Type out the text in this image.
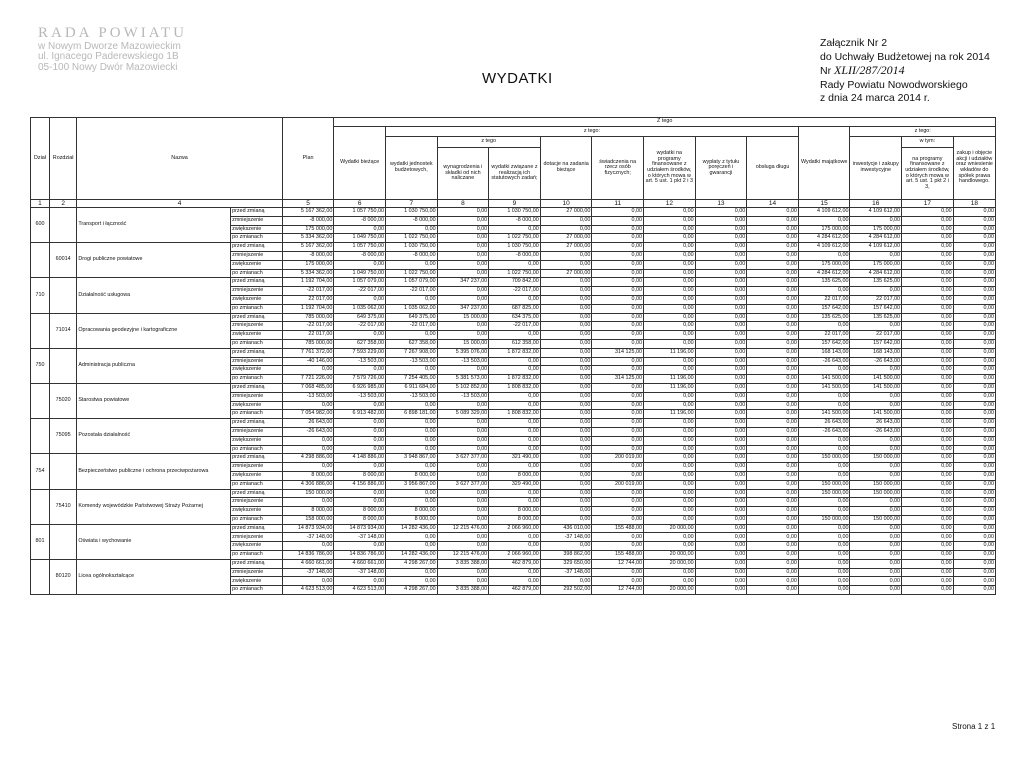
RADA POWIATU
w Nowym Dworze Mazowieckim
ul. Ignacego Paderewskiego 1B
05-100 Nowy Dwór Mazowiecki
WYDATKI
Załącznik Nr 2
do Uchwały Budżetowej na rok 2014
Nr XLII/287/2014
Rady Powiatu Nowodworskiego
z dnia 24 marca 2014 r.
Dział	Rozdział	Nazwa		Plan	Z tego												
					Wydatki bieżące	z tego:								Wydatki majątkowe	z tego:		
						wydatki jednostek budżetowych,	z tego		dotacje na zadania bieżące	świadczenia na rzecz osób fizycznych;	wydatki na programy finansowane z udziałem środków, o których mowa w art. 5 ust. 1 pkt 2 i 3	wypłaty z tytułu poręczeń i gwarancji	obsługa długu		inwestycje i zakupy inwestycyjne	w tym:	zakup i objęcie akcji i udziałów oraz wniesienie wkładów do spółek prawa handlowego.
							wynagrodzenia i składki od nich naliczane	wydatki związane z realizacją ich statutowych zadań;								na programy finansowane z udziałem środków, o których mowa w art. 5 ust. 1 pkt 2 i 3,	
1	2	4		5	6	7	8	9	10	11	12	13	14	15	16	17	18
600		Transport i łączność	przed zmianą	5 167 362,00	1 057 750,00	1 030 750,00	0,00	1 030 750,00	27 000,00	0,00	0,00	0,00	0,00	4 109 612,00	4 109 612,00	0,00	0,00
			zmniejszenie	-8 000,00	-8 000,00	-8 000,00	0,00	-8 000,00	0,00	0,00	0,00	0,00	0,00	0,00	0,00	0,00	0,00
			zwiększenie	175 000,00	0,00	0,00	0,00	0,00	0,00	0,00	0,00	0,00	0,00	175 000,00	175 000,00	0,00	0,00
			po zmianach	5 334 362,00	1 049 750,00	1 022 750,00	0,00	1 022 750,00	27 000,00	0,00	0,00	0,00	0,00	4 284 612,00	4 284 612,00	0,00	0,00
	60014	Drogi publiczne powiatowe	przed zmianą	5 167 362,00	1 057 750,00	1 030 750,00	0,00	1 030 750,00	27 000,00	0,00	0,00	0,00	0,00	4 109 612,00	4 109 612,00	0,00	0,00
			zmniejszenie	-8 000,00	-8 000,00	-8 000,00	0,00	-8 000,00	0,00	0,00	0,00	0,00	0,00	0,00	0,00	0,00	0,00
			zwiększenie	175 000,00	0,00	0,00	0,00	0,00	0,00	0,00	0,00	0,00	0,00	175 000,00	175 000,00	0,00	0,00
			po zmianach	5 334 362,00	1 049 750,00	1 022 750,00	0,00	1 022 750,00	27 000,00	0,00	0,00	0,00	0,00	4 284 612,00	4 284 612,00	0,00	0,00
710		Działalność usługowa	przed zmianą	1 192 704,00	1 057 079,00	1 057 079,00	347 237,00	709 842,00	0,00	0,00	0,00	0,00	0,00	135 625,00	135 625,00	0,00	0,00
			zmniejszenie	-22 017,00	-22 017,00	-22 017,00	0,00	-22 017,00	0,00	0,00	0,00	0,00	0,00	0,00	0,00	0,00	0,00
			zwiększenie	22 017,00	0,00	0,00	0,00	0,00	0,00	0,00	0,00	0,00	0,00	22 017,00	22 017,00	0,00	0,00
			po zmianach	1 192 704,00	1 035 062,00	1 035 062,00	347 237,00	687 825,00	0,00	0,00	0,00	0,00	0,00	157 642,00	157 642,00	0,00	0,00
	71014	Opracowania geodezyjne i kartograficzne	przed zmianą	785 000,00	649 375,00	649 375,00	15 000,00	634 375,00	0,00	0,00	0,00	0,00	0,00	135 625,00	135 625,00	0,00	0,00
			zmniejszenie	-22 017,00	-22 017,00	-22 017,00	0,00	-22 017,00	0,00	0,00	0,00	0,00	0,00	0,00	0,00	0,00	0,00
			zwiększenie	22 017,00	0,00	0,00	0,00	0,00	0,00	0,00	0,00	0,00	0,00	22 017,00	22 017,00	0,00	0,00
			po zmianach	785 000,00	627 358,00	627 358,00	15 000,00	612 358,00	0,00	0,00	0,00	0,00	0,00	157 642,00	157 642,00	0,00	0,00
750		Administracja publiczna	przed zmianą	7 761 372,00	7 593 229,00	7 267 908,00	5 395 076,00	1 872 832,00	0,00	314 125,00	11 196,00	0,00	0,00	168 143,00	168 143,00	0,00	0,00
			zmniejszenie	-40 146,00	-13 503,00	-13 503,00	-13 503,00	0,00	0,00	0,00	0,00	0,00	0,00	-26 643,00	-26 643,00	0,00	0,00
			zwiększenie	0,00	0,00	0,00	0,00	0,00	0,00	0,00	0,00	0,00	0,00	0,00	0,00	0,00	0,00
			po zmianach	7 721 226,00	7 579 726,00	7 254 405,00	5 381 573,00	1 872 832,00	0,00	314 125,00	11 196,00	0,00	0,00	141 500,00	141 500,00	0,00	0,00
	75020	Starostwa powiatowe	przed zmianą	7 068 485,00	6 926 985,00	6 911 684,00	5 102 852,00	1 808 832,00	0,00	0,00	11 196,00	0,00	0,00	141 500,00	141 500,00	0,00	0,00
			zmniejszenie	-13 503,00	-13 503,00	-13 503,00	-13 503,00	0,00	0,00	0,00	0,00	0,00	0,00	0,00	0,00	0,00	0,00
			zwiększenie	0,00	0,00	0,00	0,00	0,00	0,00	0,00	0,00	0,00	0,00	0,00	0,00	0,00	0,00
			po zmianach	7 054 982,00	6 913 482,00	6 898 181,00	5 089 329,00	1 808 832,00	0,00	0,00	11 196,00	0,00	0,00	141 500,00	141 500,00	0,00	0,00
	75095	Pozostała działalność	przed zmianą	26 643,00	0,00	0,00	0,00	0,00	0,00	0,00	0,00	0,00	0,00	26 643,00	26 643,00	0,00	0,00
			zmniejszenie	-26 643,00	0,00	0,00	0,00	0,00	0,00	0,00	0,00	0,00	0,00	-26 643,00	-26 643,00	0,00	0,00
			zwiększenie	0,00	0,00	0,00	0,00	0,00	0,00	0,00	0,00	0,00	0,00	0,00	0,00	0,00	0,00
			po zmianach	0,00	0,00	0,00	0,00	0,00	0,00	0,00	0,00	0,00	0,00	0,00	0,00	0,00	0,00
754		Bezpieczeństwo publiczne i ochrona przeciwpożarowa	przed zmianą	4 298 886,00	4 148 886,00	3 948 867,00	3 627 377,00	321 490,00	0,00	200 019,00	0,00	0,00	0,00	150 000,00	150 000,00	0,00	0,00
			zmniejszenie	0,00	0,00	0,00	0,00	0,00	0,00	0,00	0,00	0,00	0,00	0,00	0,00	0,00	0,00
			zwiększenie	8 000,00	8 000,00	8 000,00	0,00	8 000,00	0,00	0,00	0,00	0,00	0,00	0,00	0,00	0,00	0,00
			po zmianach	4 306 886,00	4 156 886,00	3 956 867,00	3 627 377,00	329 490,00	0,00	200 019,00	0,00	0,00	0,00	150 000,00	150 000,00	0,00	0,00
	75410	Komendy wojewódzkie Państwowej Straży Pożarnej	przed zmianą	150 000,00	0,00	0,00	0,00	0,00	0,00	0,00	0,00	0,00	0,00	150 000,00	150 000,00	0,00	0,00
			zmniejszenie	0,00	0,00	0,00	0,00	0,00	0,00	0,00	0,00	0,00	0,00	0,00	0,00	0,00	0,00
			zwiększenie	8 000,00	8 000,00	8 000,00	0,00	8 000,00	0,00	0,00	0,00	0,00	0,00	0,00	0,00	0,00	0,00
			po zmianach	158 000,00	8 000,00	8 000,00	0,00	8 000,00	0,00	0,00	0,00	0,00	0,00	150 000,00	150 000,00	0,00	0,00
801		Oświata i wychowanie	przed zmianą	14 873 934,00	14 873 934,00	14 282 436,00	12 215 476,00	2 066 960,00	436 010,00	155 488,00	20 000,00	0,00	0,00	0,00	0,00	0,00	0,00
			zmniejszenie	-37 148,00	-37 148,00	0,00	0,00	0,00	-37 148,00	0,00	0,00	0,00	0,00	0,00	0,00	0,00	0,00
			zwiększenie	0,00	0,00	0,00	0,00	0,00	0,00	0,00	0,00	0,00	0,00	0,00	0,00	0,00	0,00
			po zmianach	14 836 786,00	14 836 786,00	14 282 436,00	12 215 476,00	2 066 960,00	398 862,00	155 488,00	20 000,00	0,00	0,00	0,00	0,00	0,00	0,00
	80120	Licea ogólnokształcące	przed zmianą	4 660 661,00	4 660 661,00	4 298 267,00	3 835 388,00	462 879,00	329 650,00	12 744,00	20 000,00	0,00	0,00	0,00	0,00	0,00	0,00
			zmniejszenie	-37 148,00	-37 148,00	0,00	0,00	0,00	-37 148,00	0,00	0,00	0,00	0,00	0,00	0,00	0,00	0,00
			zwiększenie	0,00	0,00	0,00	0,00	0,00	0,00	0,00	0,00	0,00	0,00	0,00	0,00	0,00	0,00
			po zmianach	4 623 513,00	4 623 513,00	4 298 267,00	3 835 388,00	462 879,00	292 502,00	12 744,00	20 000,00	0,00	0,00	0,00	0,00	0,00	0,00
Strona 1 z 1
